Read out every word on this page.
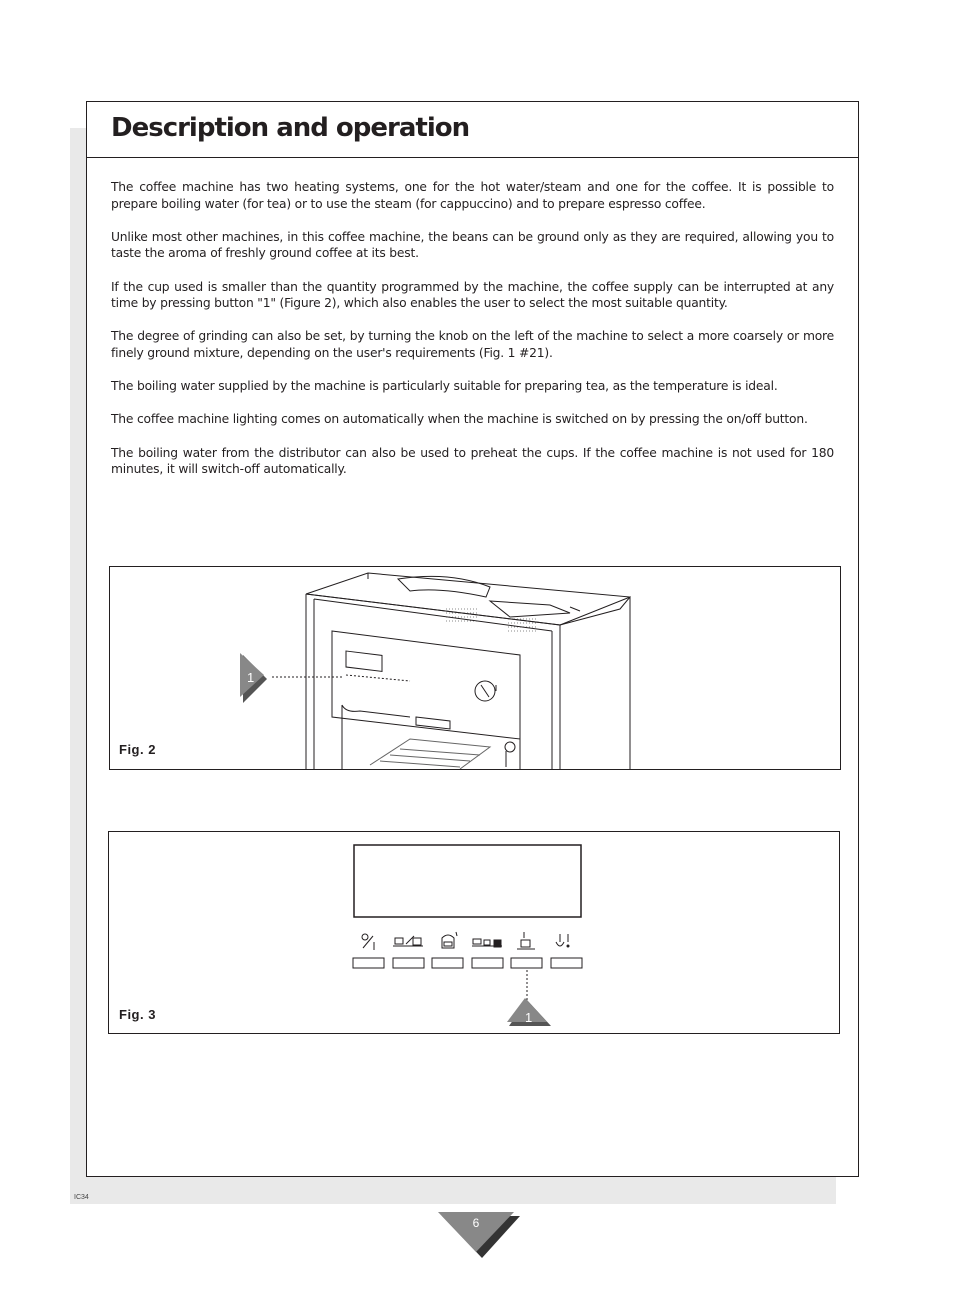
Description and operation

The coffee machine has two heating systems, one for the hot water/steam and one for the coffee. It is possible to prepare boiling water (for tea) or to use the steam (for cappuccino) and to prepare espresso coffee.

Unlike most other machines, in this coffee machine, the beans can be ground only as they are required, allowing you to taste the aroma of freshly ground coffee at its best.

If the cup used is smaller than the quantity programmed by the machine, the coffee supply can be interrupted at any time by pressing button "1" (Figure 2), which also enables the user to select the most suitable quantity.

The degree of grinding can also be set, by turning the knob on the left of the machine to select a more coarsely or more finely ground mixture, depending on the user's requirements (Fig. 1 #21).

The boiling water supplied by the machine is particularly suitable for preparing tea, as the temperature is ideal.

The coffee machine lighting comes on automatically when the machine is switched on by pressing the on/off button.

The boiling water from the distributor can also be used to preheat the cups. If the coffee machine is not used for 180 minutes, it will switch-off automatically.

1
Fig. 2
1
Fig. 3
IC34
6
